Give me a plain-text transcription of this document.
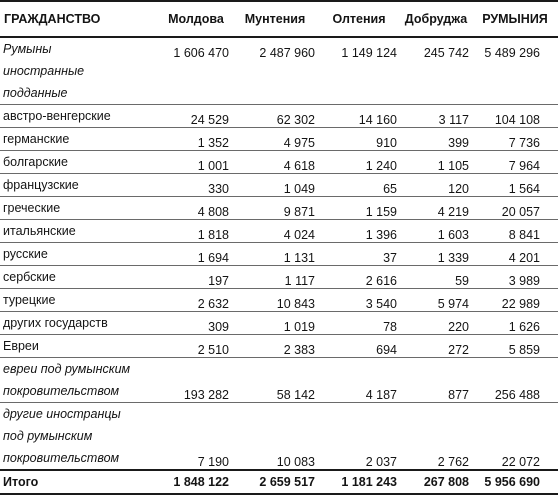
ГРАЖДАНСТВО	Молдова	Мунтения	Олтения	Добруджа	РУМЫНИЯ

Румыны	1 606 470	2 487 960	1 149 124	245 742	5 489 296

иностранные
подданные					

австро-венгерские	24 529	62 302	14 160	3 117	104 108

германские	1 352	4 975	910	399	7 736

болгарские	1 001	4 618	1 240	1 105	7 964

французские	330	1 049	65	120	1 564

греческие	4 808	9 871	1 159	4 219	20 057

итальянские	1 818	4 024	1 396	1 603	8 841

русские	1 694	1 131	37	1 339	4 201

сербские	197	1 117	2 616	59	3 989

турецкие	2 632	10 843	3 540	5 974	22 989

других государств	309	1 019	78	220	1 626

Евреи	2 510	2 383	694	272	5 859

евреи под румынским
покровительством	193 282	58 142	4 187	877	256 488

другие иностранцы
под румынским
покровительством	7 190	10 083	2 037	2 762	22 072
Итого	1 848 122	2 659 517	1 181 243	267 808	5 956 690
